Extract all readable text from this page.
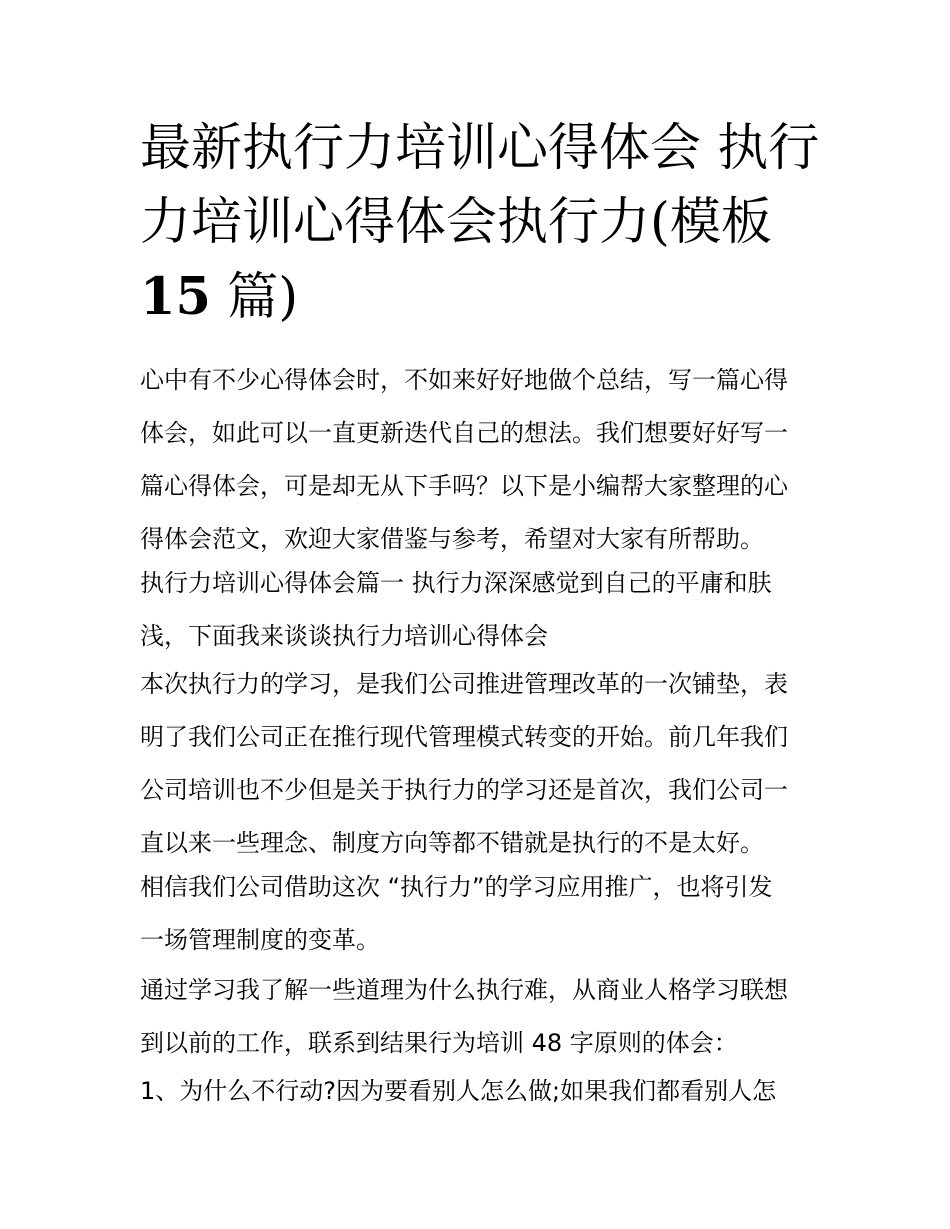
最新执行力培训心得体会 执行
力培训心得体会执行力(模板
15 篇)
心中有不少心得体会时，不如来好好地做个总结，写一篇心得
体会，如此可以一直更新迭代自己的想法。我们想要好好写一
篇心得体会，可是却无从下手吗？以下是小编帮大家整理的心
得体会范文，欢迎大家借鉴与参考，希望对大家有所帮助。
执行力培训心得体会篇一 执行力深深感觉到自己的平庸和肤
浅，下面我来谈谈执行力培训心得体会
本次执行力的学习，是我们公司推进管理改革的一次铺垫，表
明了我们公司正在推行现代管理模式转变的开始。前几年我们
公司培训也不少但是关于执行力的学习还是首次，我们公司一
直以来一些理念、制度方向等都不错就是执行的不是太好。
相信我们公司借助这次 “执行力”的学习应用推广，也将引发
一场管理制度的变革。
通过学习我了解一些道理为什么执行难，从商业人格学习联想
到以前的工作，联系到结果行为培训 48 字原则的体会：
1、为什么不行动?因为要看别人怎么做;如果我们都看别人怎
